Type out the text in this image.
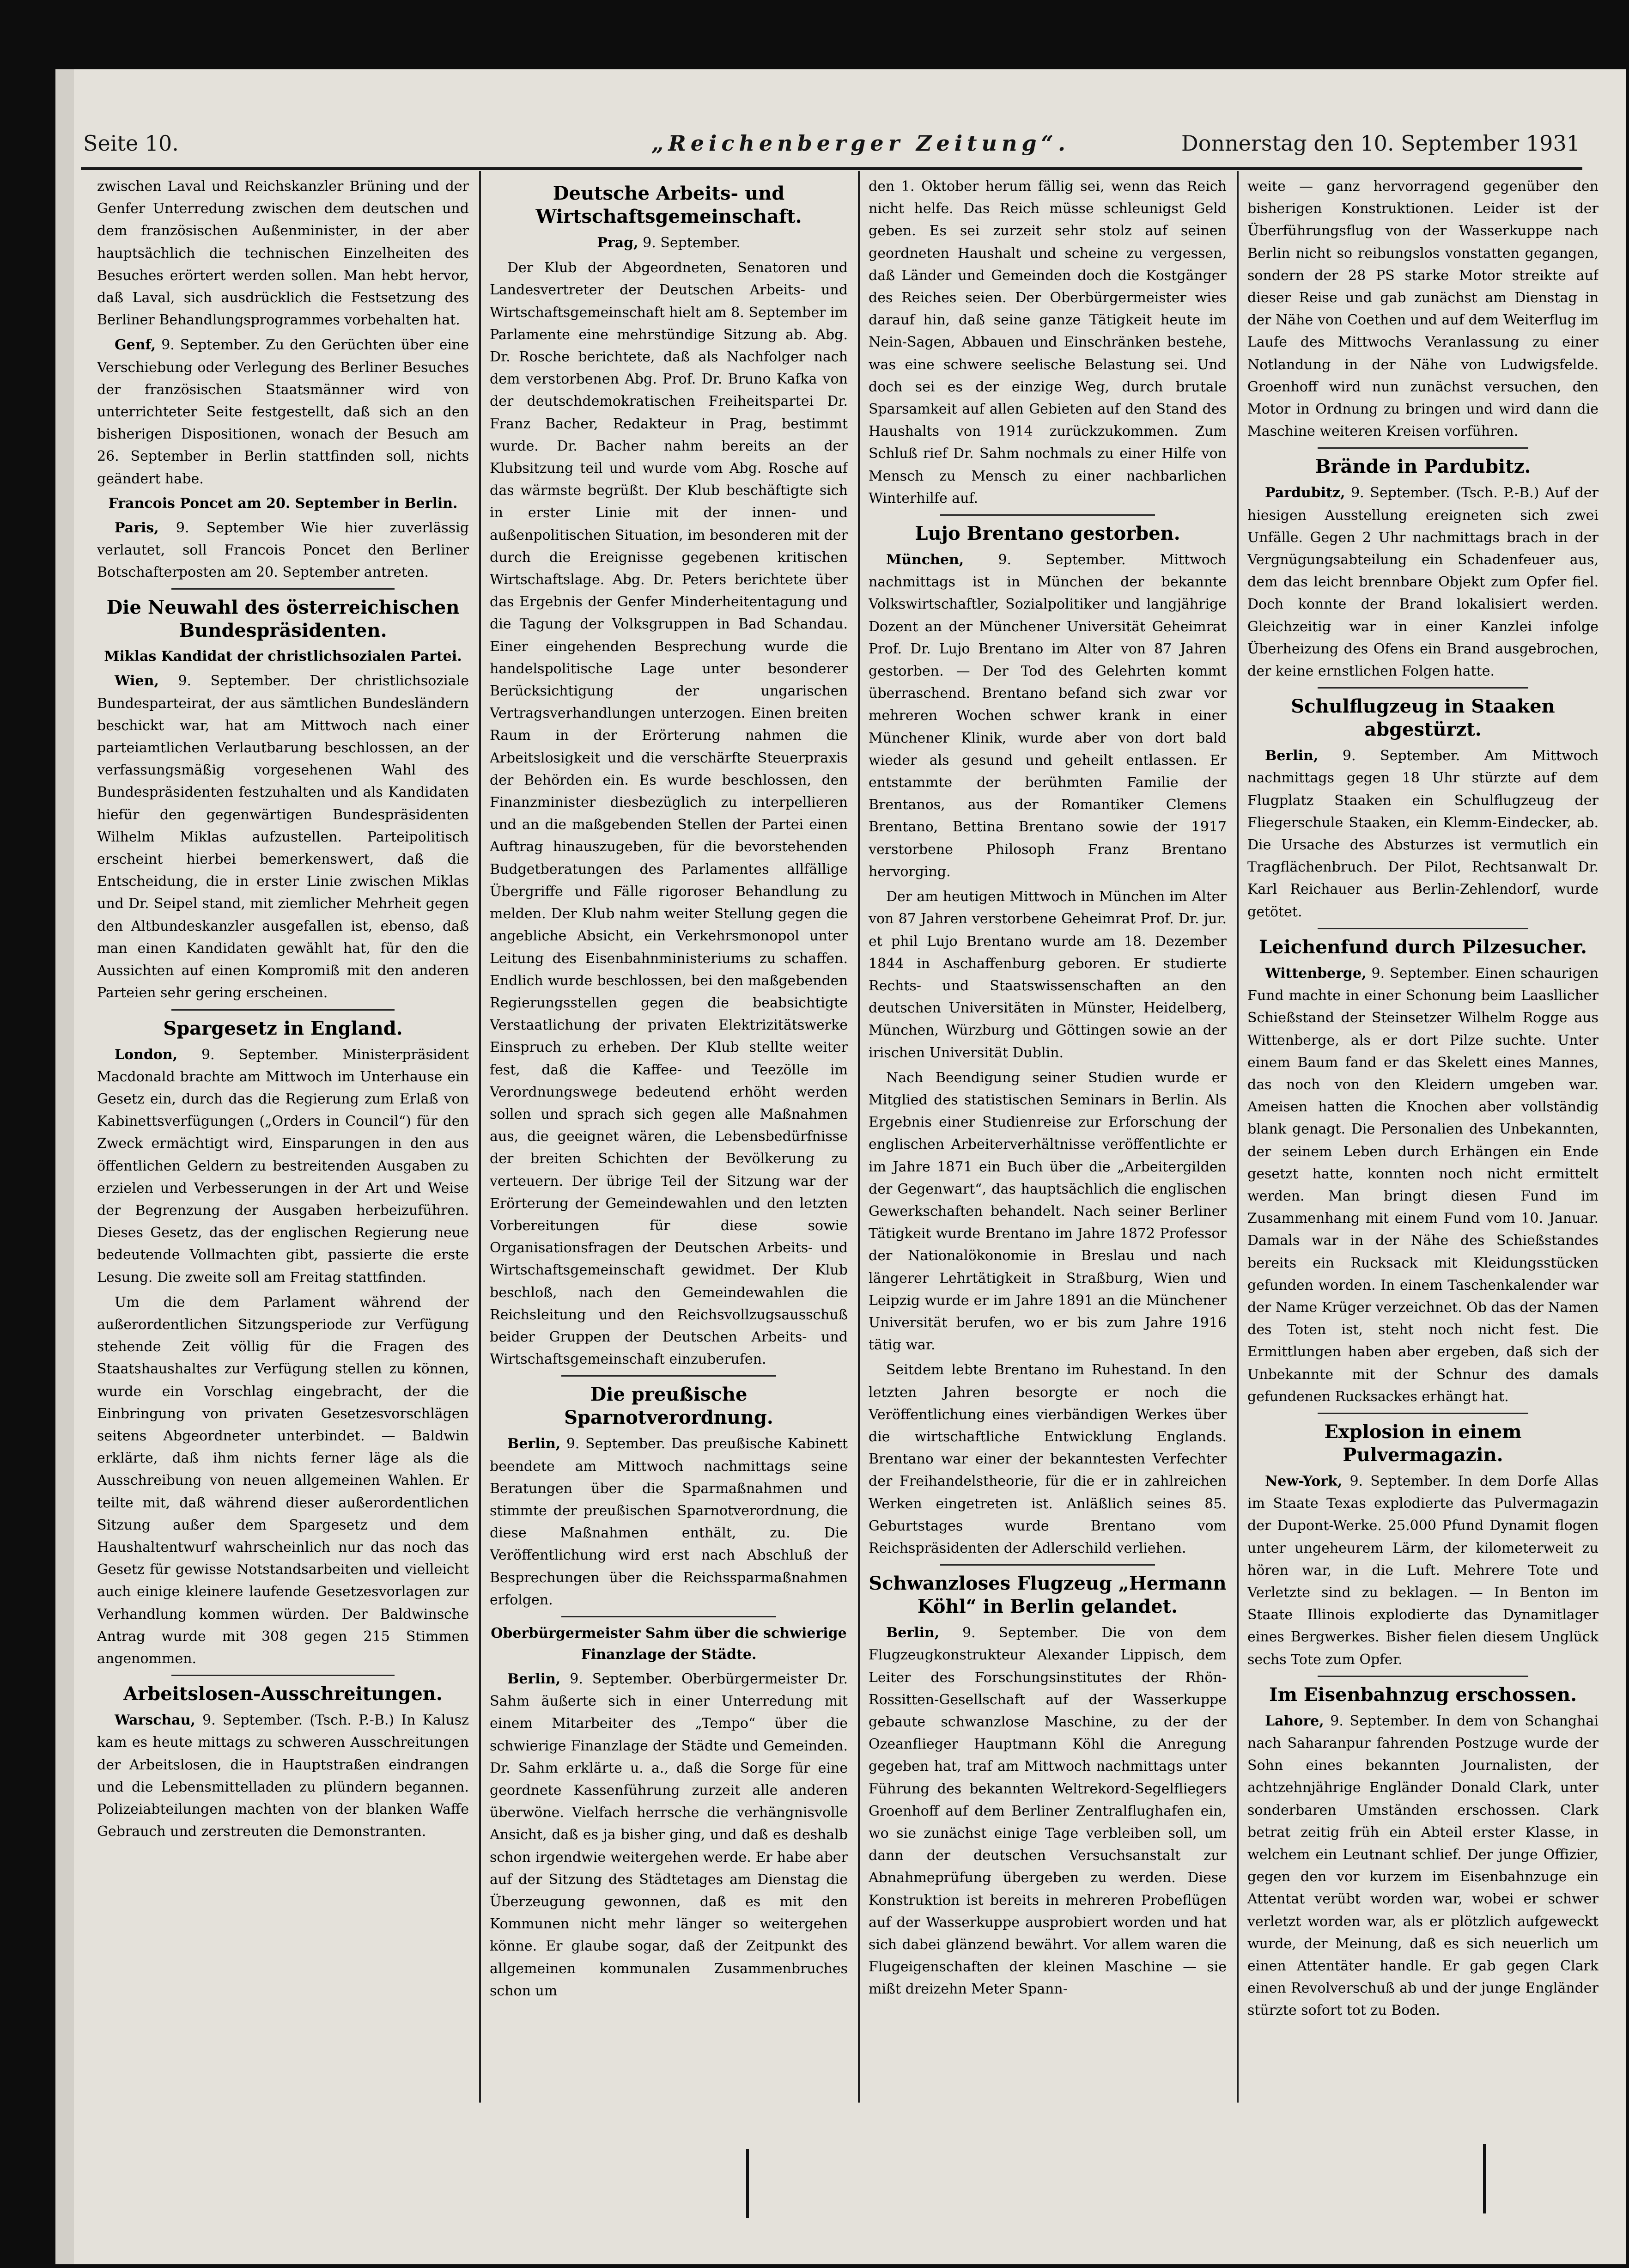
Seite 10.	„Reichenberger Zeitung“.	Donnerstag den 10. September 1931

zwischen Laval und Reichskanzler Brüning und der Genfer Unterredung zwischen dem deutschen und dem französischen Außenminister, in der aber hauptsächlich die technischen Einzelheiten des Besuches erörtert werden sollen. Man hebt hervor, daß Laval, sich ausdrücklich die Festsetzung des Berliner Behandlungsprogrammes vorbehalten hat.

Genf, 9. September. Zu den Gerüchten über eine Verschiebung oder Verlegung des Berliner Besuches der französischen Staatsmänner wird von unterrichteter Seite festgestellt, daß sich an den bisherigen Dispositionen, wonach der Besuch am 26. September in Berlin stattfinden soll, nichts geändert habe.

Francois Poncet am 20. September in Berlin.

Paris, 9. September Wie hier zuverlässig verlautet, soll Francois Poncet den Berliner Botschafterposten am 20. September antreten.

Die Neuwahl des österreichischen Bundespräsidenten.
Miklas Kandidat der christlichsozialen Partei.

Wien, 9. September. Der christlichsoziale Bundesparteirat, der aus sämtlichen Bundesländern beschickt war, hat am Mittwoch nach einer parteiamtlichen Verlautbarung beschlossen, an der verfassungsmäßig vorgesehenen Wahl des Bundespräsidenten festzuhalten und als Kandidaten hiefür den gegenwärtigen Bundespräsidenten Wilhelm Miklas aufzustellen. Parteipolitisch erscheint hierbei bemerkenswert, daß die Entscheidung, die in erster Linie zwischen Miklas und Dr. Seipel stand, mit ziemlicher Mehrheit gegen den Altbundeskanzler ausgefallen ist, ebenso, daß man einen Kandidaten gewählt hat, für den die Aussichten auf einen Kompromiß mit den anderen Parteien sehr gering erscheinen.

Spargesetz in England.

London, 9. September. Ministerpräsident Macdonald brachte am Mittwoch im Unterhause ein Gesetz ein, durch das die Regierung zum Erlaß von Kabinettsverfügungen („Orders in Council“) für den Zweck ermächtigt wird, Einsparungen in den aus öffentlichen Geldern zu bestreitenden Ausgaben zu erzielen und Verbesserungen in der Art und Weise der Begrenzung der Ausgaben herbeizuführen. Dieses Gesetz, das der englischen Regierung neue bedeutende Vollmachten gibt, passierte die erste Lesung. Die zweite soll am Freitag stattfinden.

Um die dem Parlament während der außerordentlichen Sitzungsperiode zur Verfügung stehende Zeit völlig für die Fragen des Staatshaushaltes zur Verfügung stellen zu können, wurde ein Vorschlag eingebracht, der die Einbringung von privaten Gesetzesvorschlägen seitens Abgeordneter unterbindet. — Baldwin erklärte, daß ihm nichts ferner läge als die Ausschreibung von neuen allgemeinen Wahlen. Er teilte mit, daß während dieser außerordentlichen Sitzung außer dem Spargesetz und dem Haushaltentwurf wahrscheinlich nur das noch das Gesetz für gewisse Notstandsarbeiten und vielleicht auch einige kleinere laufende Gesetzesvorlagen zur Verhandlung kommen würden. Der Baldwinsche Antrag wurde mit 308 gegen 215 Stimmen angenommen.

Arbeitslosen-Ausschreitungen.

Warschau, 9. September. (Tsch. P.-B.) In Kalusz kam es heute mittags zu schweren Ausschreitungen der Arbeitslosen, die in Hauptstraßen eindrangen und die Lebensmittelladen zu plündern begannen. Polizeiabteilungen machten von der blanken Waffe Gebrauch und zerstreuten die Demonstranten.

Deutsche Arbeits- und Wirtschaftsgemeinschaft.

Prag, 9. September.

Der Klub der Abgeordneten, Senatoren und Landesvertreter der Deutschen Arbeits- und Wirtschaftsgemeinschaft hielt am 8. September im Parlamente eine mehrstündige Sitzung ab. Abg. Dr. Rosche berichtete, daß als Nachfolger nach dem verstorbenen Abg. Prof. Dr. Bruno Kafka von der deutschdemokratischen Freiheitspartei Dr. Franz Bacher, Redakteur in Prag, bestimmt wurde. Dr. Bacher nahm bereits an der Klubsitzung teil und wurde vom Abg. Rosche auf das wärmste begrüßt. Der Klub beschäftigte sich in erster Linie mit der innen- und außenpolitischen Situation, im besonderen mit der durch die Ereignisse gegebenen kritischen Wirtschaftslage. Abg. Dr. Peters berichtete über das Ergebnis der Genfer Minderheitentagung und die Tagung der Volksgruppen in Bad Schandau. Einer eingehenden Besprechung wurde die handelspolitische Lage unter besonderer Berücksichtigung der ungarischen Vertragsverhandlungen unterzogen. Einen breiten Raum in der Erörterung nahmen die Arbeitslosigkeit und die verschärfte Steuerpraxis der Behörden ein. Es wurde beschlossen, den Finanzminister diesbezüglich zu interpellieren und an die maßgebenden Stellen der Partei einen Auftrag hinauszugeben, für die bevorstehenden Budgetberatungen des Parlamentes allfällige Übergriffe und Fälle rigoroser Behandlung zu melden. Der Klub nahm weiter Stellung gegen die angebliche Absicht, ein Verkehrsmonopol unter Leitung des Eisenbahnministeriums zu schaffen. Endlich wurde beschlossen, bei den maßgebenden Regierungsstellen gegen die beabsichtigte Verstaatlichung der privaten Elektrizitätswerke Einspruch zu erheben. Der Klub stellte weiter fest, daß die Kaffee- und Teezölle im Verordnungswege bedeutend erhöht werden sollen und sprach sich gegen alle Maßnahmen aus, die geeignet wären, die Lebensbedürfnisse der breiten Schichten der Bevölkerung zu verteuern. Der übrige Teil der Sitzung war der Erörterung der Gemeindewahlen und den letzten Vorbereitungen für diese sowie Organisationsfragen der Deutschen Arbeits- und Wirtschaftsgemeinschaft gewidmet. Der Klub beschloß, nach den Gemeindewahlen die Reichsleitung und den Reichsvollzugsausschuß beider Gruppen der Deutschen Arbeits- und Wirtschaftsgemeinschaft einzuberufen.

Die preußische Sparnotverordnung.

Berlin, 9. September. Das preußische Kabinett beendete am Mittwoch nachmittags seine Beratungen über die Sparmaßnahmen und stimmte der preußischen Sparnotverordnung, die diese Maßnahmen enthält, zu. Die Veröffentlichung wird erst nach Abschluß der Besprechungen über die Reichssparmaßnahmen erfolgen.

Oberbürgermeister Sahm über die schwierige Finanzlage der Städte.

Berlin, 9. September. Oberbürgermeister Dr. Sahm äußerte sich in einer Unterredung mit einem Mitarbeiter des „Tempo“ über die schwierige Finanzlage der Städte und Gemeinden. Dr. Sahm erklärte u. a., daß die Sorge für eine geordnete Kassenführung zurzeit alle anderen überwöne. Vielfach herrsche die verhängnisvolle Ansicht, daß es ja bisher ging, und daß es deshalb schon irgendwie weitergehen werde. Er habe aber auf der Sitzung des Städtetages am Dienstag die Überzeugung gewonnen, daß es mit den Kommunen nicht mehr länger so weitergehen könne. Er glaube sogar, daß der Zeitpunkt des allgemeinen kommunalen Zusammenbruches schon um

den 1. Oktober herum fällig sei, wenn das Reich nicht helfe. Das Reich müsse schleunigst Geld geben. Es sei zurzeit sehr stolz auf seinen geordneten Haushalt und scheine zu vergessen, daß Länder und Gemeinden doch die Kostgänger des Reiches seien. Der Oberbürgermeister wies darauf hin, daß seine ganze Tätigkeit heute im Nein-Sagen, Abbauen und Einschränken bestehe, was eine schwere seelische Belastung sei. Und doch sei es der einzige Weg, durch brutale Sparsamkeit auf allen Gebieten auf den Stand des Haushalts von 1914 zurückzukommen. Zum Schluß rief Dr. Sahm nochmals zu einer Hilfe von Mensch zu Mensch zu einer nachbarlichen Winterhilfe auf.

Lujo Brentano gestorben.

München, 9. September. Mittwoch nachmittags ist in München der bekannte Volkswirtschaftler, Sozialpolitiker und langjährige Dozent an der Münchener Universität Geheimrat Prof. Dr. Lujo Brentano im Alter von 87 Jahren gestorben. — Der Tod des Gelehrten kommt überraschend. Brentano befand sich zwar vor mehreren Wochen schwer krank in einer Münchener Klinik, wurde aber von dort bald wieder als gesund und geheilt entlassen. Er entstammte der berühmten Familie der Brentanos, aus der Romantiker Clemens Brentano, Bettina Brentano sowie der 1917 verstorbene Philosoph Franz Brentano hervorging.

Der am heutigen Mittwoch in München im Alter von 87 Jahren verstorbene Geheimrat Prof. Dr. jur. et phil Lujo Brentano wurde am 18. Dezember 1844 in Aschaffenburg geboren. Er studierte Rechts- und Staatswissenschaften an den deutschen Universitäten in Münster, Heidelberg, München, Würzburg und Göttingen sowie an der irischen Universität Dublin.

Nach Beendigung seiner Studien wurde er Mitglied des statistischen Seminars in Berlin. Als Ergebnis einer Studienreise zur Erforschung der englischen Arbeiterverhältnisse veröffentlichte er im Jahre 1871 ein Buch über die „Arbeitergilden der Gegenwart“, das hauptsächlich die englischen Gewerkschaften behandelt. Nach seiner Berliner Tätigkeit wurde Brentano im Jahre 1872 Professor der Nationalökonomie in Breslau und nach längerer Lehrtätigkeit in Straßburg, Wien und Leipzig wurde er im Jahre 1891 an die Münchener Universität berufen, wo er bis zum Jahre 1916 tätig war.

Seitdem lebte Brentano im Ruhestand. In den letzten Jahren besorgte er noch die Veröffentlichung eines vierbändigen Werkes über die wirtschaftliche Entwicklung Englands. Brentano war einer der bekanntesten Verfechter der Freihandelstheorie, für die er in zahlreichen Werken eingetreten ist. Anläßlich seines 85. Geburtstages wurde Brentano vom Reichspräsidenten der Adlerschild verliehen.

Schwanzloses Flugzeug „Hermann Köhl“ in Berlin gelandet.

Berlin, 9. September. Die von dem Flugzeugkonstrukteur Alexander Lippisch, dem Leiter des Forschungsinstitutes der Rhön-Rossitten-Gesellschaft auf der Wasserkuppe gebaute schwanzlose Maschine, zu der der Ozeanflieger Hauptmann Köhl die Anregung gegeben hat, traf am Mittwoch nachmittags unter Führung des bekannten Weltrekord-Segelfliegers Groenhoff auf dem Berliner Zentralflughafen ein, wo sie zunächst einige Tage verbleiben soll, um dann der deutschen Versuchsanstalt zur Abnahmeprüfung übergeben zu werden. Diese Konstruktion ist bereits in mehreren Probeflügen auf der Wasserkuppe ausprobiert worden und hat sich dabei glänzend bewährt. Vor allem waren die Flugeigenschaften der kleinen Maschine — sie mißt dreizehn Meter Spann-

weite — ganz hervorragend gegenüber den bisherigen Konstruktionen. Leider ist der Überführungsflug von der Wasserkuppe nach Berlin nicht so reibungslos vonstatten gegangen, sondern der 28 PS starke Motor streikte auf dieser Reise und gab zunächst am Dienstag in der Nähe von Coethen und auf dem Weiterflug im Laufe des Mittwochs Veranlassung zu einer Notlandung in der Nähe von Ludwigsfelde. Groenhoff wird nun zunächst versuchen, den Motor in Ordnung zu bringen und wird dann die Maschine weiteren Kreisen vorführen.

Brände in Pardubitz.

Pardubitz, 9. September. (Tsch. P.-B.) Auf der hiesigen Ausstellung ereigneten sich zwei Unfälle. Gegen 2 Uhr nachmittags brach in der Vergnügungsabteilung ein Schadenfeuer aus, dem das leicht brennbare Objekt zum Opfer fiel. Doch konnte der Brand lokalisiert werden. Gleichzeitig war in einer Kanzlei infolge Überheizung des Ofens ein Brand ausgebrochen, der keine ernstlichen Folgen hatte.

Schulflugzeug in Staaken abgestürzt.

Berlin, 9. September. Am Mittwoch nachmittags gegen 18 Uhr stürzte auf dem Flugplatz Staaken ein Schulflugzeug der Fliegerschule Staaken, ein Klemm-Eindecker, ab. Die Ursache des Absturzes ist vermutlich ein Tragflächenbruch. Der Pilot, Rechtsanwalt Dr. Karl Reichauer aus Berlin-Zehlendorf, wurde getötet.

Leichenfund durch Pilzesucher.

Wittenberge, 9. September. Einen schaurigen Fund machte in einer Schonung beim Laasllicher Schießstand der Steinsetzer Wilhelm Rogge aus Wittenberge, als er dort Pilze suchte. Unter einem Baum fand er das Skelett eines Mannes, das noch von den Kleidern umgeben war. Ameisen hatten die Knochen aber vollständig blank genagt. Die Personalien des Unbekannten, der seinem Leben durch Erhängen ein Ende gesetzt hatte, konnten noch nicht ermittelt werden. Man bringt diesen Fund im Zusammenhang mit einem Fund vom 10. Januar. Damals war in der Nähe des Schießstandes bereits ein Rucksack mit Kleidungsstücken gefunden worden. In einem Taschenkalender war der Name Krüger verzeichnet. Ob das der Namen des Toten ist, steht noch nicht fest. Die Ermittlungen haben aber ergeben, daß sich der Unbekannte mit der Schnur des damals gefundenen Rucksackes erhängt hat.

Explosion in einem Pulvermagazin.

New-York, 9. September. In dem Dorfe Allas im Staate Texas explodierte das Pulvermagazin der Dupont-Werke. 25.000 Pfund Dynamit flogen unter ungeheurem Lärm, der kilometerweit zu hören war, in die Luft. Mehrere Tote und Verletzte sind zu beklagen. — In Benton im Staate Illinois explodierte das Dynamitlager eines Bergwerkes. Bisher fielen diesem Unglück sechs Tote zum Opfer.

Im Eisenbahnzug erschossen.

Lahore, 9. September. In dem von Schanghai nach Saharanpur fahrenden Postzuge wurde der Sohn eines bekannten Journalisten, der achtzehnjährige Engländer Donald Clark, unter sonderbaren Umständen erschossen. Clark betrat zeitig früh ein Abteil erster Klasse, in welchem ein Leutnant schlief. Der junge Offizier, gegen den vor kurzem im Eisenbahnzuge ein Attentat verübt worden war, wobei er schwer verletzt worden war, als er plötzlich aufgeweckt wurde, der Meinung, daß es sich neuerlich um einen Attentäter handle. Er gab gegen Clark einen Revolverschuß ab und der junge Engländer stürzte sofort tot zu Boden.
